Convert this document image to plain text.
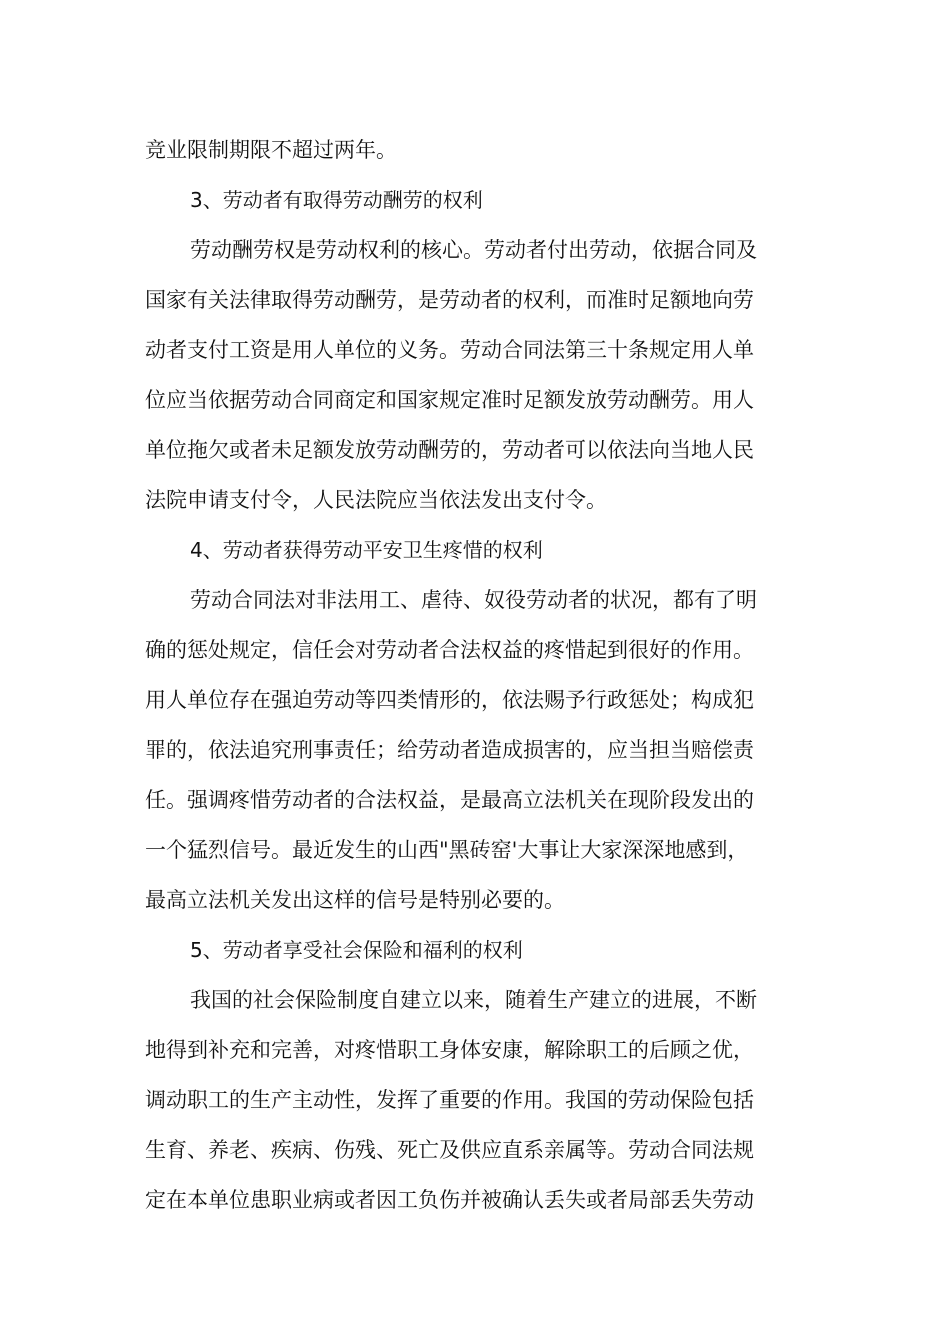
竞业限制期限不超过两年。
3、劳动者有取得劳动酬劳的权利
劳动酬劳权是劳动权利的核心。劳动者付出劳动，依据合同及
国家有关法律取得劳动酬劳，是劳动者的权利，而准时足额地向劳
动者支付工资是用人单位的义务。劳动合同法第三十条规定用人单
位应当依据劳动合同商定和国家规定准时足额发放劳动酬劳。用人
单位拖欠或者未足额发放劳动酬劳的，劳动者可以依法向当地人民
法院申请支付令，人民法院应当依法发出支付令。
4、劳动者获得劳动平安卫生疼惜的权利
劳动合同法对非法用工、虐待、奴役劳动者的状况，都有了明
确的惩处规定，信任会对劳动者合法权益的疼惜起到很好的作用。
用人单位存在强迫劳动等四类情形的，依法赐予行政惩处；构成犯
罪的，依法追究刑事责任；给劳动者造成损害的，应当担当赔偿责
任。强调疼惜劳动者的合法权益，是最高立法机关在现阶段发出的
一个猛烈信号。最近发生的山西"黑砖窑'大事让大家深深地感到，
最高立法机关发出这样的信号是特别必要的。
5、劳动者享受社会保险和福利的权利
我国的社会保险制度自建立以来，随着生产建立的进展，不断
地得到补充和完善，对疼惜职工身体安康，解除职工的后顾之优，
调动职工的生产主动性，发挥了重要的作用。我国的劳动保险包括
生育、养老、疾病、伤残、死亡及供应直系亲属等。劳动合同法规
定在本单位患职业病或者因工负伤并被确认丢失或者局部丢失劳动
